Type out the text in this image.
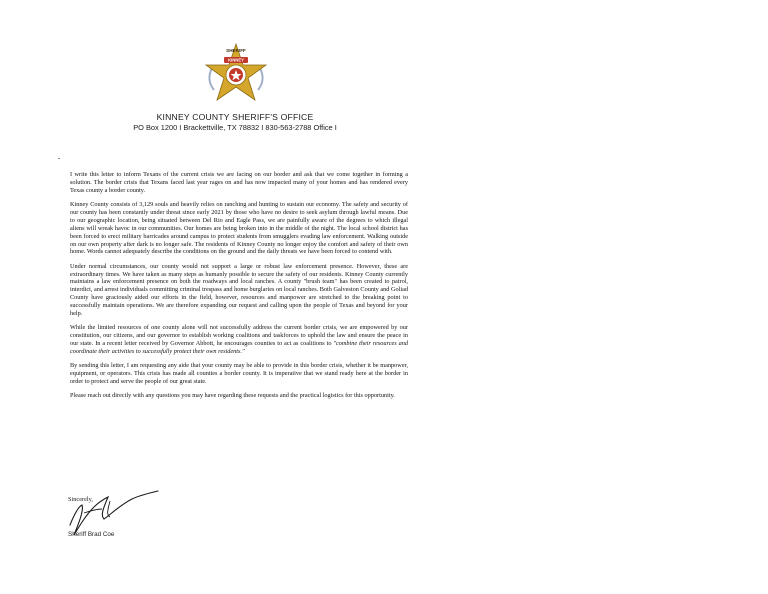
KINNEY
SHERIFF
KINNEY COUNTY SHERIFF'S OFFICE
PO Box 1200 I Brackettville, TX 78832 I 830-563-2788 Office I

I write this letter to inform Texans of the current crisis we are facing on our border and ask that we come together in forming a solution. The border crisis that Texans faced last year rages on and has now impacted many of your homes and has rendered every Texas county a border county.

Kinney County consists of 3,129 souls and heavily relies on ranching and hunting to sustain our economy. The safety and security of our county has been constantly under threat since early 2021 by those who have no desire to seek asylum through lawful means. Due to our geographic location, being situated between Del Rio and Eagle Pass, we are painfully aware of the degrees to which illegal aliens will wreak havoc in our communities. Our homes are being broken into in the middle of the night. The local school district has been forced to erect military barricades around campus to protect students from smugglers evading law enforcement. Walking outside on our own property after dark is no longer safe. The residents of Kinney County no longer enjoy the comfort and safety of their own home. Words cannot adequately describe the conditions on the ground and the daily threats we have been forced to contend with.

Under normal circumstances, our county would not support a large or robust law enforcement presence. However, these are extraordinary times. We have taken as many steps as humanly possible to secure the safety of our residents. Kinney County currently maintains a law enforcement presence on both the roadways and local ranches. A county "brush team" has been created to patrol, interdict, and arrest individuals committing criminal trespass and home burglaries on local ranches. Both Galveston County and Goliad County have graciously aided our efforts in the field, however, resources and manpower are stretched to the breaking point to successfully maintain operations. We are therefore expanding our request and calling upon the people of Texas and beyond for your help.

While the limited resources of one county alone will not successfully address the current border crisis, we are empowered by our constitution, our citizens, and our governor to establish working coalitions and taskforces to uphold the law and ensure the peace in our state. In a recent letter received by Governor Abbott, he encourages counties to act as coalitions to "combine their resources and coordinate their activities to successfully protect their own residents."

By sending this letter, I am requesting any aide that your county may be able to provide in this border crisis, whether it be manpower, equipment, or operators. This crisis has made all counties a border county. It is imperative that we stand ready here at the border in order to protect and serve the people of our great state.

Please reach out directly with any questions you may have regarding these requests and the practical logistics for this opportunity.

Sincerely,
Sheriff Brad Coe
